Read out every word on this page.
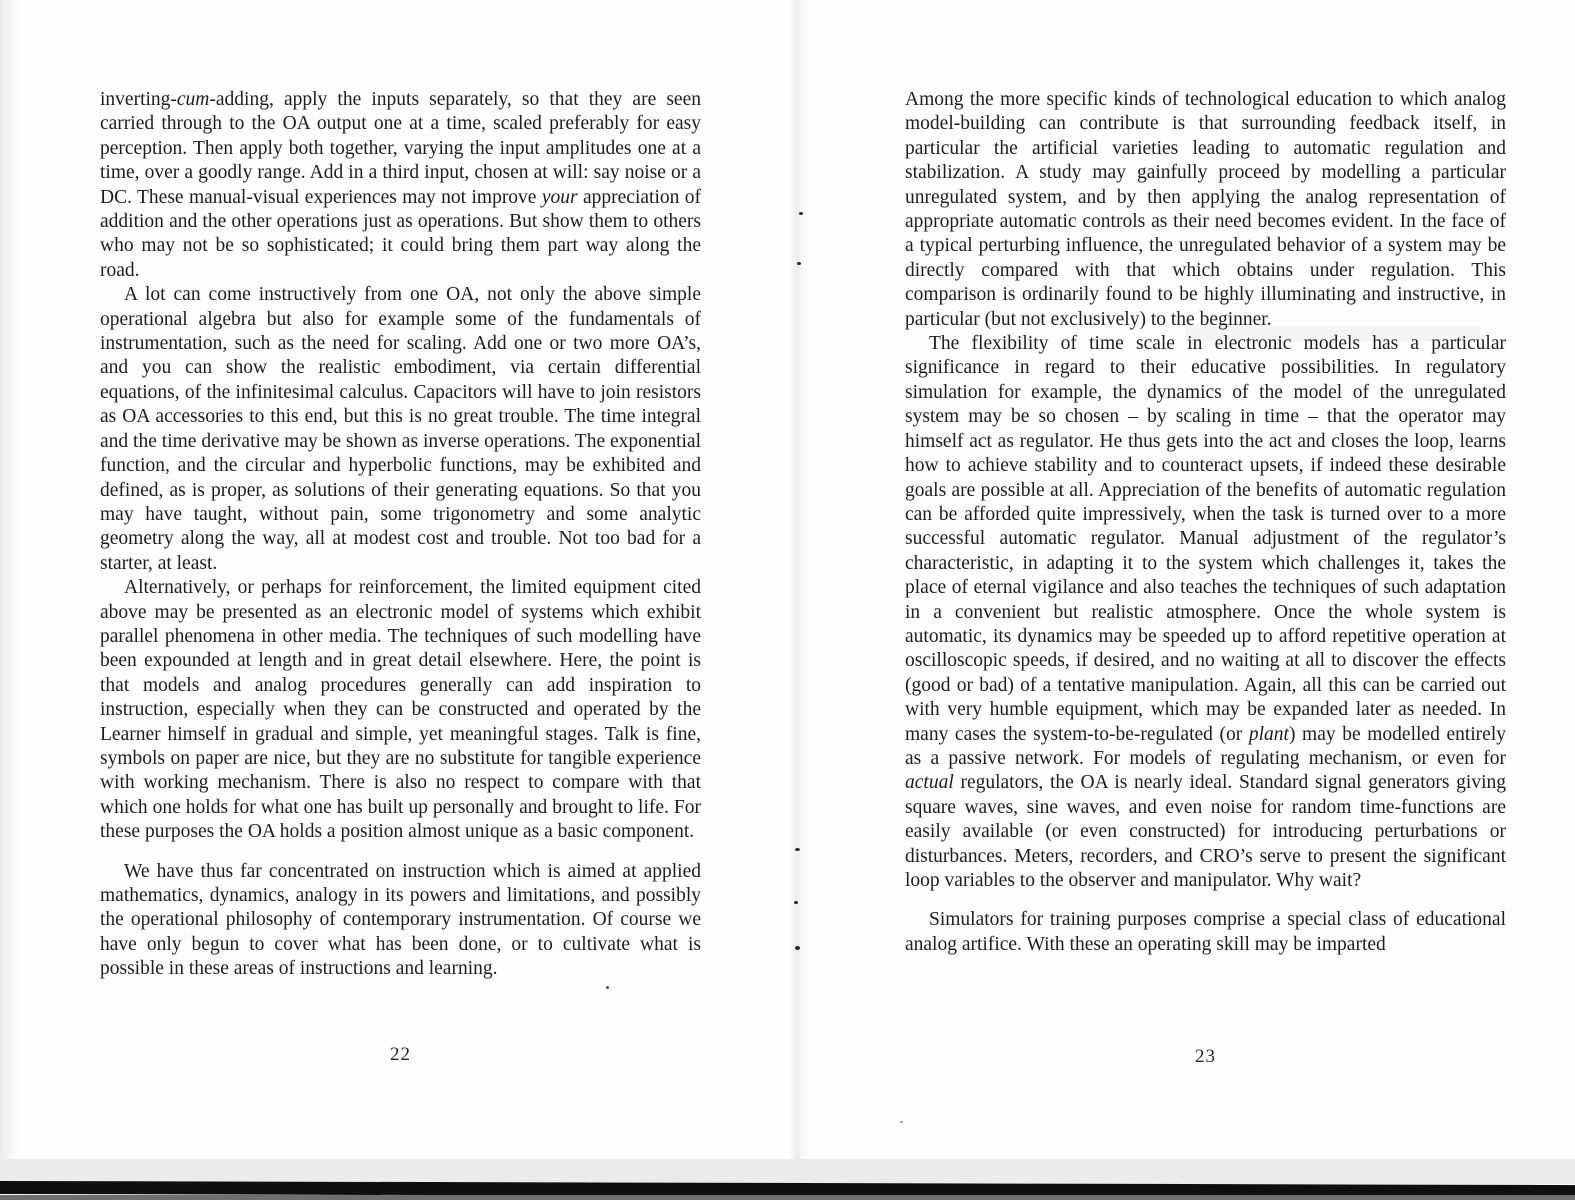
inverting-cum-adding, apply the inputs separately, so that they are seen carried through to the OA output one at a time, scaled preferably for easy perception. Then apply both together, varying the input amplitudes one at a time, over a goodly range. Add in a third input, chosen at will: say noise or a DC. These manual-visual experiences may not improve your appreciation of addition and the other operations just as operations. But show them to others who may not be so sophisticated; it could bring them part way along the road.

A lot can come instructively from one OA, not only the above simple operational algebra but also for example some of the fundamentals of instrumentation, such as the need for scaling. Add one or two more OA’s, and you can show the realistic embodiment, via certain differential equations, of the infinitesimal calculus. Capacitors will have to join resistors as OA accessories to this end, but this is no great trouble. The time integral and the time derivative may be shown as inverse operations. The exponential function, and the circular and hyperbolic functions, may be exhibited and defined, as is proper, as solutions of their generating equations. So that you may have taught, without pain, some trigonometry and some analytic geometry along the way, all at modest cost and trouble. Not too bad for a starter, at least.

Alternatively, or perhaps for reinforcement, the limited equipment cited above may be presented as an electronic model of systems which exhibit parallel phenomena in other media. The techniques of such modelling have been expounded at length and in great detail elsewhere. Here, the point is that models and analog procedures generally can add inspiration to instruction, especially when they can be constructed and operated by the Learner himself in gradual and simple, yet meaningful stages. Talk is fine, symbols on paper are nice, but they are no substitute for tangible experience with working mechanism. There is also no respect to compare with that which one holds for what one has built up personally and brought to life. For these purposes the OA holds a position almost unique as a basic component.

We have thus far concentrated on instruction which is aimed at applied mathematics, dynamics, analogy in its powers and limitations, and possibly the operational philosophy of contemporary instrumentation. Of course we have only begun to cover what has been done, or to cultivate what is possible in these areas of instructions and learning.

22

Among the more specific kinds of technological education to which analog model-building can contribute is that surrounding feedback itself, in particular the artificial varieties leading to automatic regulation and stabilization. A study may gainfully proceed by modelling a particular unregulated system, and by then applying the analog representation of appropriate automatic controls as their need becomes evident. In the face of a typical perturbing influence, the unregulated behavior of a system may be directly compared with that which obtains under regulation. This comparison is ordinarily found to be highly illuminating and instructive, in particular (but not exclusively) to the beginner.

The flexibility of time scale in electronic models has a particular significance in regard to their educative possibilities. In regulatory simulation for example, the dynamics of the model of the unregulated system may be so chosen – by scaling in time – that the operator may himself act as regulator. He thus gets into the act and closes the loop, learns how to achieve stability and to counteract upsets, if indeed these desirable goals are possible at all. Appreciation of the benefits of automatic regulation can be afforded quite impressively, when the task is turned over to a more successful automatic regulator. Manual adjustment of the regulator’s characteristic, in adapting it to the system which challenges it, takes the place of eternal vigilance and also teaches the techniques of such adaptation in a convenient but realistic atmosphere. Once the whole system is automatic, its dynamics may be speeded up to afford repetitive operation at oscilloscopic speeds, if desired, and no waiting at all to discover the effects (good or bad) of a tentative manipulation. Again, all this can be carried out with very humble equipment, which may be expanded later as needed. In many cases the system-to-be-regulated (or plant) may be modelled entirely as a passive network. For models of regulating mechanism, or even for actual regulators, the OA is nearly ideal. Standard signal generators giving square waves, sine waves, and even noise for random time-functions are easily available (or even constructed) for introducing perturbations or disturbances. Meters, recorders, and CRO’s serve to present the significant loop variables to the observer and manipulator. Why wait?

Simulators for training purposes comprise a special class of educational analog artifice. With these an operating skill may be imparted

23
